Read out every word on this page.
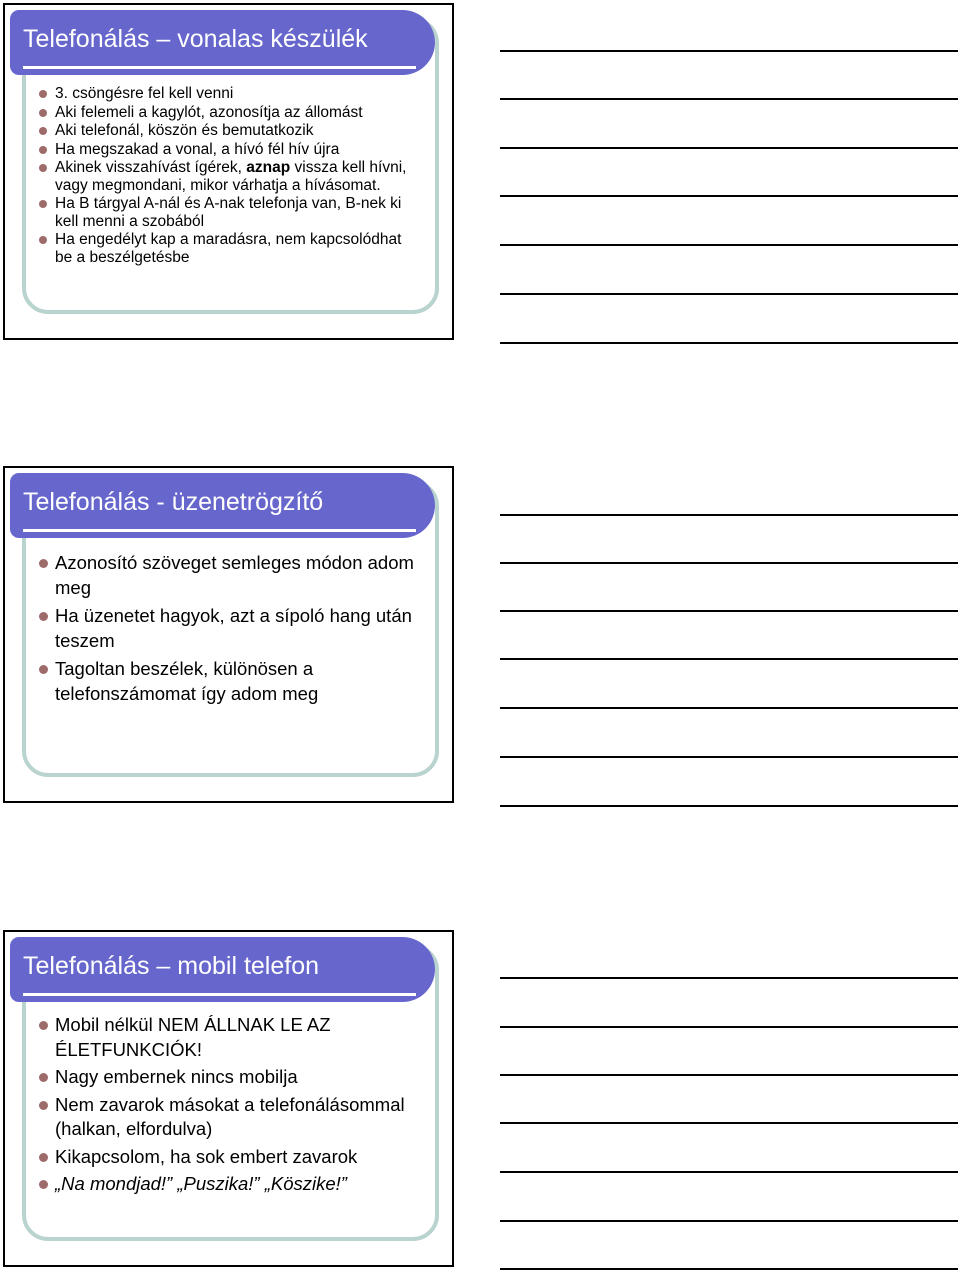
Telefonálás – vonalas készülék
3. csöngésre fel kell venni
Aki felemeli a kagylót, azonosítja az állomást
Aki telefonál, köszön és bemutatkozik
Ha megszakad a vonal, a hívó fél hív újra
Akinek visszahívást ígérek, aznap vissza kell hívni, vagy megmondani, mikor várhatja a hívásomat.
Ha B tárgyal A-nál és A-nak telefonja van, B-nek ki kell menni a szobából
Ha engedélyt kap a maradásra, nem kapcsolódhat be a beszélgetésbe
Telefonálás - üzenetrögzítő
Azonosító szöveget semleges módon adom meg
Ha üzenetet hagyok, azt a sípoló hang után teszem
Tagoltan beszélek, különösen a telefonszámomat így adom meg
Telefonálás – mobil telefon
Mobil nélkül NEM ÁLLNAK LE AZ ÉLETFUNKCIÓK!
Nagy embernek nincs mobilja
Nem zavarok másokat a telefonálásommal (halkan, elfordulva)
Kikapcsolom, ha sok embert zavarok
„Na mondjad!” „Puszika!” „Köszike!”
